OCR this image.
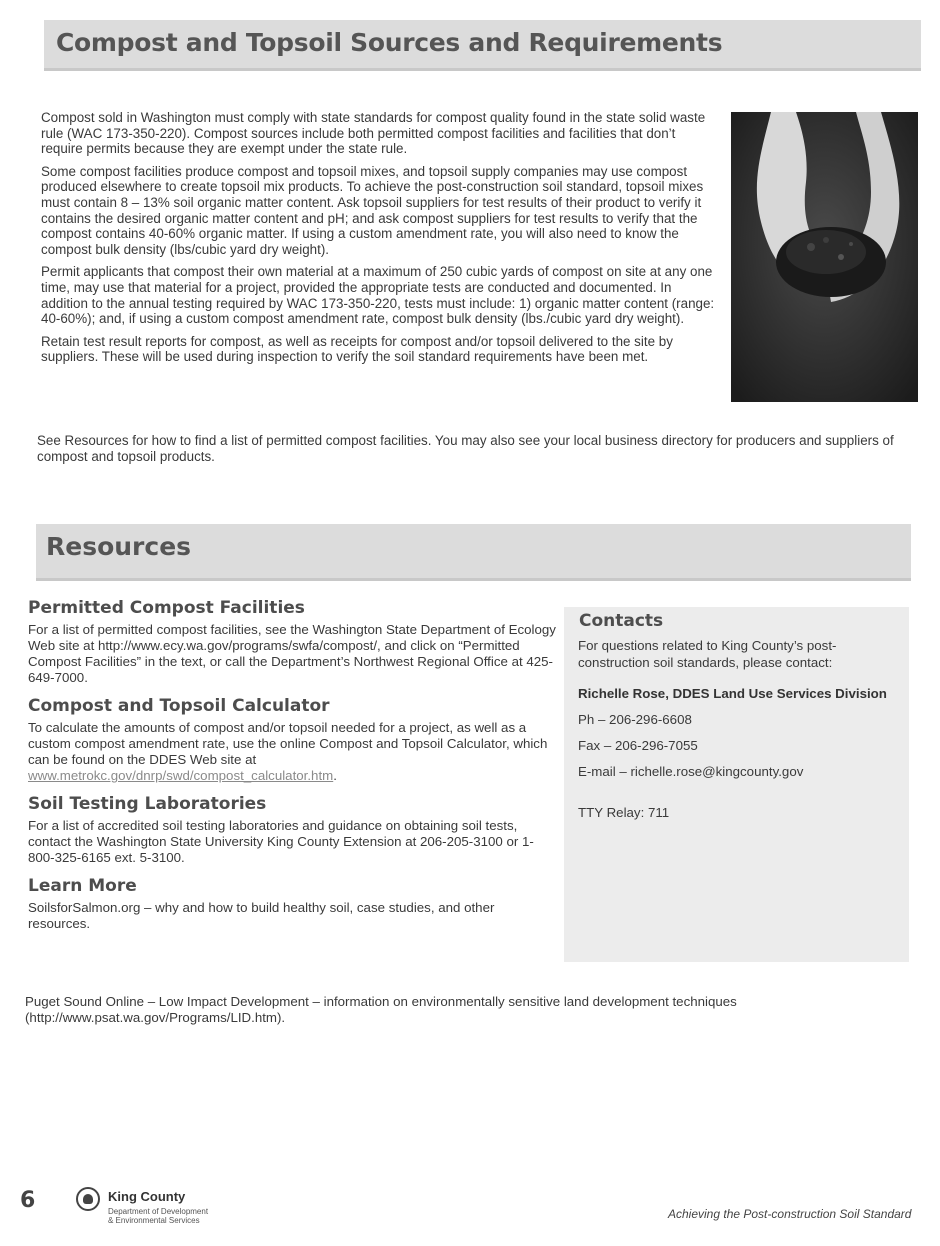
Compost and Topsoil Sources and Requirements

Compost sold in Washington must comply with state standards for compost quality found in the state solid waste rule (WAC 173-350-220). Compost sources include both permitted compost facilities and facilities that don’t require permits because they are exempt under the state rule.

Some compost facilities produce compost and topsoil mixes, and topsoil supply companies may use compost produced elsewhere to create topsoil mix products. To achieve the post-construction soil standard, topsoil mixes must contain 8 – 13% soil organic matter content. Ask topsoil suppliers for test results of their product to verify it contains the desired organic matter content and pH; and ask compost suppliers for test results to verify that the compost contains 40-60% organic matter. If using a custom amendment rate, you will also need to know the compost bulk density (lbs/cubic yard dry weight).

Permit applicants that compost their own material at a maximum of 250 cubic yards of compost on site at any one time, may use that material for a project, provided the appropriate tests are conducted and documented. In addition to the annual testing required by WAC 173-350-220, tests must include: 1) organic matter content (range: 40-60%); and, if using a custom compost amendment rate, compost bulk density (lbs./cubic yard dry weight).

Retain test result reports for compost, as well as receipts for compost and/or topsoil delivered to the site by suppliers. These will be used during inspection to verify the soil standard requirements have been met.

See Resources for how to find a list of permitted compost facilities. You may also see your local business directory for producers and suppliers of compost and topsoil products.

Resources
Permitted Compost Facilities

For a list of permitted compost facilities, see the Washington State Department of Ecology Web site at http://www.ecy.wa.gov/programs/swfa/compost/, and click on “Permitted Compost Facilities” in the text, or call the Department’s Northwest Regional Office at 425-649-7000.

Compost and Topsoil Calculator

To calculate the amounts of compost and/or topsoil needed for a project, as well as a custom compost amendment rate, use the online Compost and Topsoil Calculator, which can be found on the DDES Web site at www.metrokc.gov/dnrp/swd/compost_calculator.htm.

Soil Testing Laboratories

For a list of accredited soil testing laboratories and guidance on obtaining soil tests, contact the Washington State University King County Extension at 206-205-3100 or 1-800-325-6165 ext. 5-3100.

Learn More

SoilsforSalmon.org – why and how to build healthy soil, case studies, and other resources.

Puget Sound Online – Low Impact Development – information on environmentally sensitive land development techniques (http://www.psat.wa.gov/Programs/LID.htm).

Contacts

For questions related to King County’s post-construction soil standards, please contact:

Richelle Rose, DDES Land Use Services Division

Ph – 206-296-6608

Fax – 206-296-7055

E-mail – richelle.rose@kingcounty.gov

TTY Relay: 711

6	King County
Department of Development
& Environmental Services	Achieving the Post-construction Soil Standard
